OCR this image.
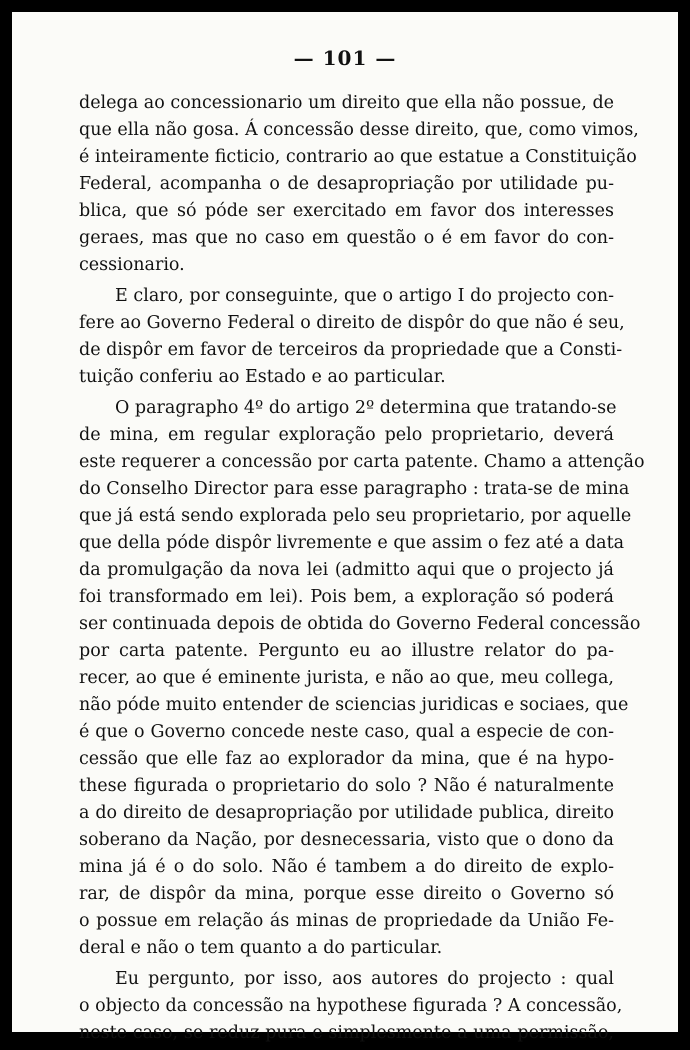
— 101 —
delega ao concessionario um direito que ella não possue, de
que ella não gosa. Á concessão desse direito, que, como vimos,
é inteiramente ficticio, contrario ao que estatue a Constituição
Federal, acompanha o de desapropriação por utilidade pu-
blica, que só póde ser exercitado em favor dos interesses
geraes, mas que no caso em questão o é em favor do con-
cessionario.
E claro, por conseguinte, que o artigo I do projecto con-
fere ao Governo Federal o direito de dispôr do que não é seu,
de dispôr em favor de terceiros da propriedade que a Consti-
tuição conferiu ao Estado e ao particular.
O paragrapho 4º do artigo 2º determina que tratando-se
de mina, em regular exploração pelo proprietario, deverá
este requerer a concessão por carta patente. Chamo a attenção
do Conselho Director para esse paragrapho : trata-se de mina
que já está sendo explorada pelo seu proprietario, por aquelle
que della póde dispôr livremente e que assim o fez até a data
da promulgação da nova lei (admitto aqui que o projecto já
foi transformado em lei). Pois bem, a exploração só poderá
ser continuada depois de obtida do Governo Federal concessão
por carta patente. Pergunto eu ao illustre relator do pa-
recer, ao que é eminente jurista, e não ao que, meu collega,
não póde muito entender de sciencias juridicas e sociaes, que
é que o Governo concede neste caso, qual a especie de con-
cessão que elle faz ao explorador da mina, que é na hypo-
these figurada o proprietario do solo ? Não é naturalmente
a do direito de desapropriação por utilidade publica, direito
soberano da Nação, por desnecessaria, visto que o dono da
mina já é o do solo. Não é tambem a do direito de explo-
rar, de dispôr da mina, porque esse direito o Governo só
o possue em relação ás minas de propriedade da União Fe-
deral e não o tem quanto a do particular.
Eu pergunto, por isso, aos autores do projecto : qual
o objecto da concessão na hypothese figurada ? A concessão,
neste caso, se reduz pura e simplesmente a uma permissão,
